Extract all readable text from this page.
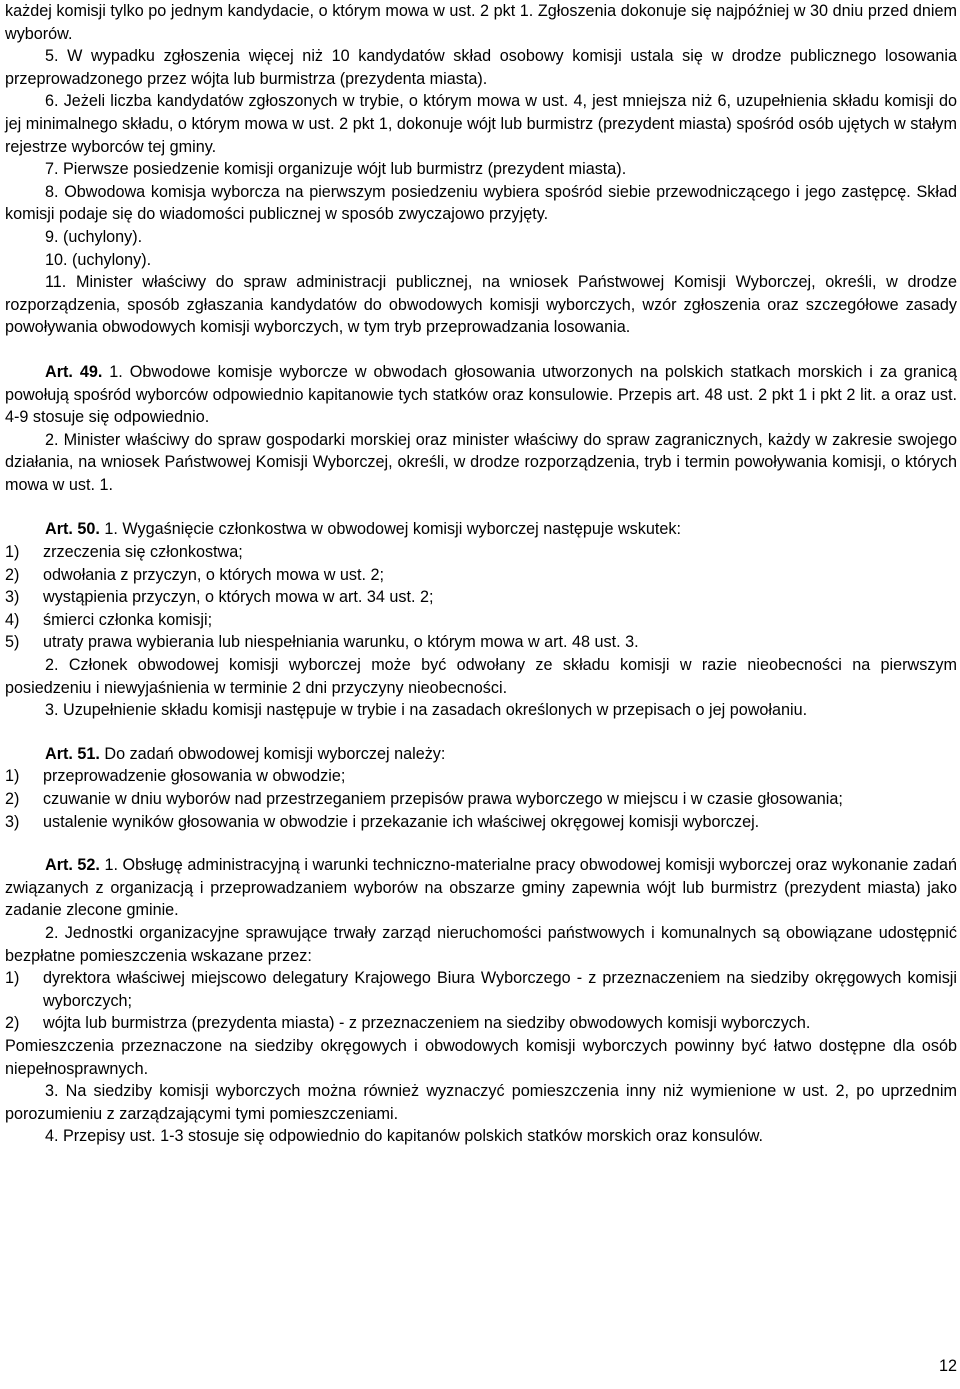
każdej komisji tylko po jednym kandydacie, o którym mowa w ust. 2 pkt 1. Zgłoszenia dokonuje się najpóźniej w 30 dniu przed dniem wyborów.

5. W wypadku zgłoszenia więcej niż 10 kandydatów skład osobowy komisji ustala się w drodze publicznego losowania przeprowadzonego przez wójta lub burmistrza (prezydenta miasta).

6. Jeżeli liczba kandydatów zgłoszonych w trybie, o którym mowa w ust. 4, jest mniejsza niż 6, uzupełnienia składu komisji do jej minimalnego składu, o którym mowa w ust. 2 pkt 1, dokonuje wójt lub burmistrz (prezydent miasta) spośród osób ujętych w stałym rejestrze wyborców tej gminy.

7. Pierwsze posiedzenie komisji organizuje wójt lub burmistrz (prezydent miasta).

8. Obwodowa komisja wyborcza na pierwszym posiedzeniu wybiera spośród siebie przewodniczącego i jego zastępcę. Skład komisji podaje się do wiadomości publicznej w sposób zwyczajowo przyjęty.

9. (uchylony).

10. (uchylony).

11. Minister właściwy do spraw administracji publicznej, na wniosek Państwowej Komisji Wyborczej, określi, w drodze rozporządzenia, sposób zgłaszania kandydatów do obwodowych komisji wyborczych, wzór zgłoszenia oraz szczegółowe zasady powoływania obwodowych komisji wyborczych, w tym tryb przeprowadzania losowania.

Art. 49. 1. Obwodowe komisje wyborcze w obwodach głosowania utworzonych na polskich statkach morskich i za granicą powołują spośród wyborców odpowiednio kapitanowie tych statków oraz konsulowie. Przepis art. 48 ust. 2 pkt 1 i pkt 2 lit. a oraz ust. 4-9 stosuje się odpowiednio.

2. Minister właściwy do spraw gospodarki morskiej oraz minister właściwy do spraw zagranicznych, każdy w zakresie swojego działania, na wniosek Państwowej Komisji Wyborczej, określi, w drodze rozporządzenia, tryb i termin powoływania komisji, o których mowa w ust. 1.

Art. 50. 1. Wygaśnięcie członkostwa w obwodowej komisji wyborczej następuje wskutek:

1) zrzeczenia się członkostwa;
2) odwołania z przyczyn, o których mowa w ust. 2;
3) wystąpienia przyczyn, o których mowa w art. 34 ust. 2;
4) śmierci członka komisji;
5) utraty prawa wybierania lub niespełniania warunku, o którym mowa w art. 48 ust. 3.

2. Członek obwodowej komisji wyborczej może być odwołany ze składu komisji w razie nieobecności na pierwszym posiedzeniu i niewyjaśnienia w terminie 2 dni przyczyny nieobecności.

3. Uzupełnienie składu komisji następuje w trybie i na zasadach określonych w przepisach o jej powołaniu.

Art. 51. Do zadań obwodowej komisji wyborczej należy:

1) przeprowadzenie głosowania w obwodzie;
2) czuwanie w dniu wyborów nad przestrzeganiem przepisów prawa wyborczego w miejscu i w czasie głosowania;
3) ustalenie wyników głosowania w obwodzie i przekazanie ich właściwej okręgowej komisji wyborczej.

Art. 52. 1. Obsługę administracyjną i warunki techniczno-materialne pracy obwodowej komisji wyborczej oraz wykonanie zadań związanych z organizacją i przeprowadzaniem wyborów na obszarze gminy zapewnia wójt lub burmistrz (prezydent miasta) jako zadanie zlecone gminie.

2. Jednostki organizacyjne sprawujące trwały zarząd nieruchomości państwowych i komunalnych są obowiązane udostępnić bezpłatne pomieszczenia wskazane przez:

1) dyrektora właściwej miejscowo delegatury Krajowego Biura Wyborczego - z przeznaczeniem na siedziby okręgowych komisji wyborczych;
2) wójta lub burmistrza (prezydenta miasta) - z przeznaczeniem na siedziby obwodowych komisji wyborczych.

Pomieszczenia przeznaczone na siedziby okręgowych i obwodowych komisji wyborczych powinny być łatwo dostępne dla osób niepełnosprawnych.

3. Na siedziby komisji wyborczych można również wyznaczyć pomieszczenia inny niż wymienione w ust. 2, po uprzednim porozumieniu z zarządzającymi tymi pomieszczeniami.

4. Przepisy ust. 1-3 stosuje się odpowiednio do kapitanów polskich statków morskich oraz konsulów.

12
